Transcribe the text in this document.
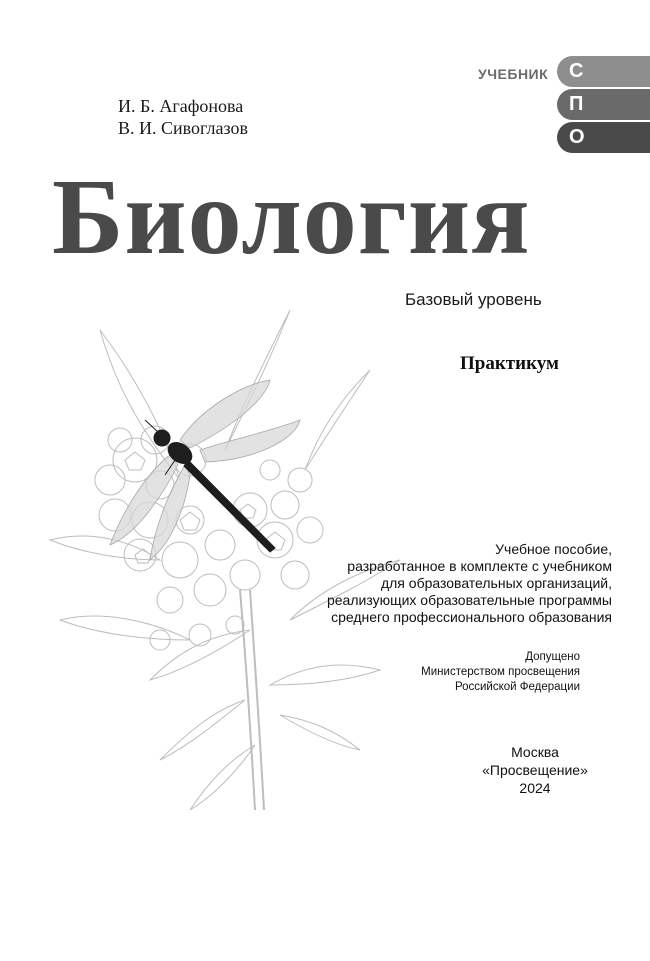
УЧЕБНИК	С
П
О
И. Б. Агафонова
В. И. Сивоглазов
Биология
Базовый уровень
Практикум
Учебное пособие,
разработанное в комплекте с учебником
для образовательных организаций,
реализующих образовательные программы
среднего профессионального образования
Допущено
Министерством просвещения
Российской Федерации
Москва
«Просвещение»
2024
